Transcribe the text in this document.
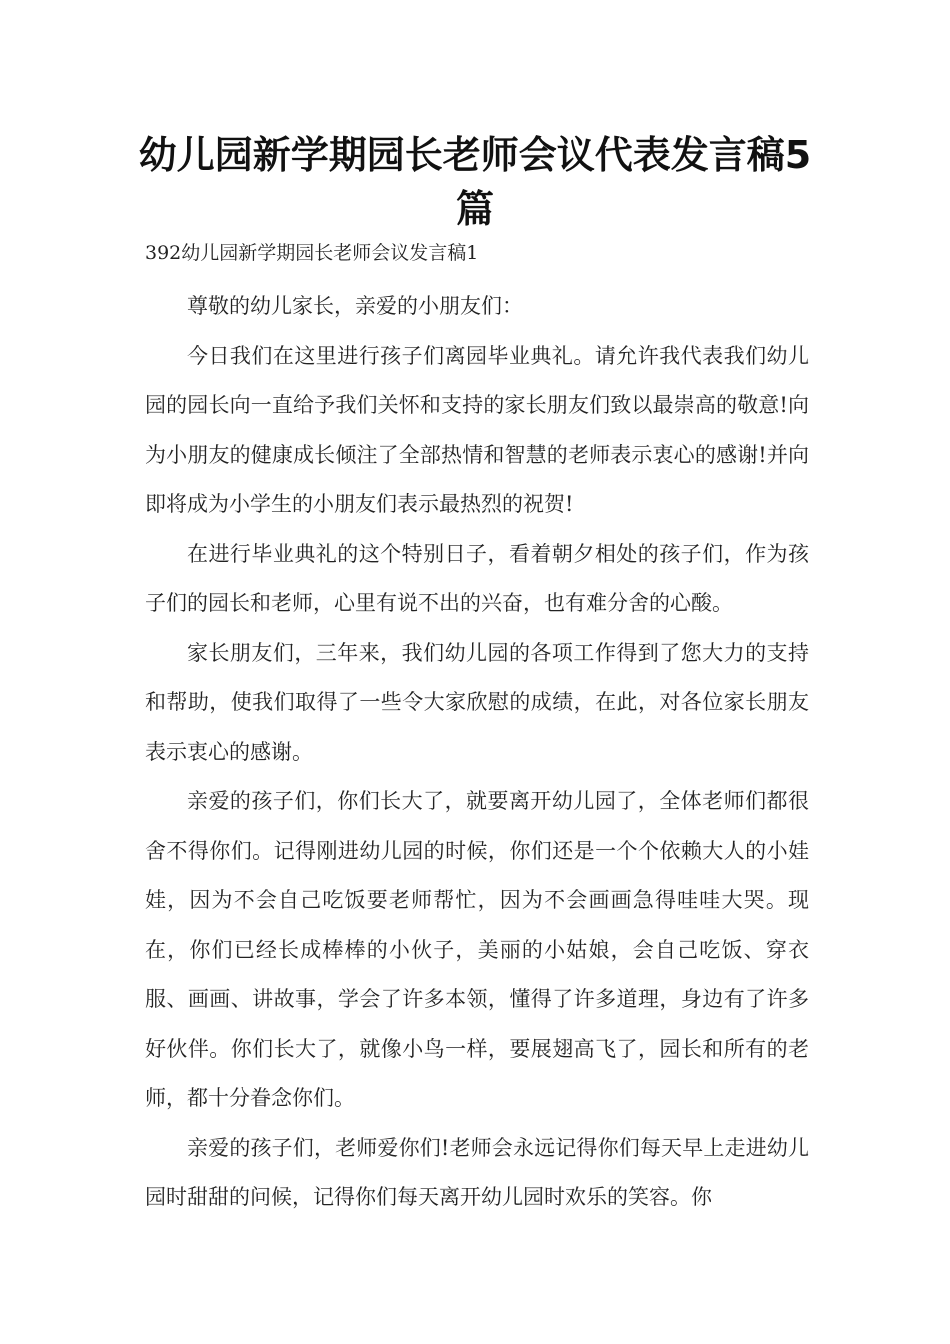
幼儿园新学期园长老师会议代表发言稿5篇
392幼儿园新学期园长老师会议发言稿1

尊敬的幼儿家长，亲爱的小朋友们：

今日我们在这里进行孩子们离园毕业典礼。请允许我代表我们幼儿园的园长向一直给予我们关怀和支持的家长朋友们致以最崇高的敬意!向为小朋友的健康成长倾注了全部热情和智慧的老师表示衷心的感谢!并向即将成为小学生的小朋友们表示最热烈的祝贺!

在进行毕业典礼的这个特别日子，看着朝夕相处的孩子们，作为孩子们的园长和老师，心里有说不出的兴奋，也有难分舍的心酸。

家长朋友们，三年来，我们幼儿园的各项工作得到了您大力的支持和帮助，使我们取得了一些令大家欣慰的成绩，在此，对各位家长朋友表示衷心的感谢。

亲爱的孩子们，你们长大了，就要离开幼儿园了，全体老师们都很舍不得你们。记得刚进幼儿园的时候，你们还是一个个依赖大人的小娃娃，因为不会自己吃饭要老师帮忙，因为不会画画急得哇哇大哭。现在，你们已经长成棒棒的小伙子，美丽的小姑娘，会自己吃饭、穿衣服、画画、讲故事，学会了许多本领，懂得了许多道理，身边有了许多好伙伴。你们长大了，就像小鸟一样，要展翅高飞了，园长和所有的老师，都十分眷念你们。

亲爱的孩子们，老师爱你们!老师会永远记得你们每天早上走进幼儿园时甜甜的问候，记得你们每天离开幼儿园时欢乐的笑容。你
